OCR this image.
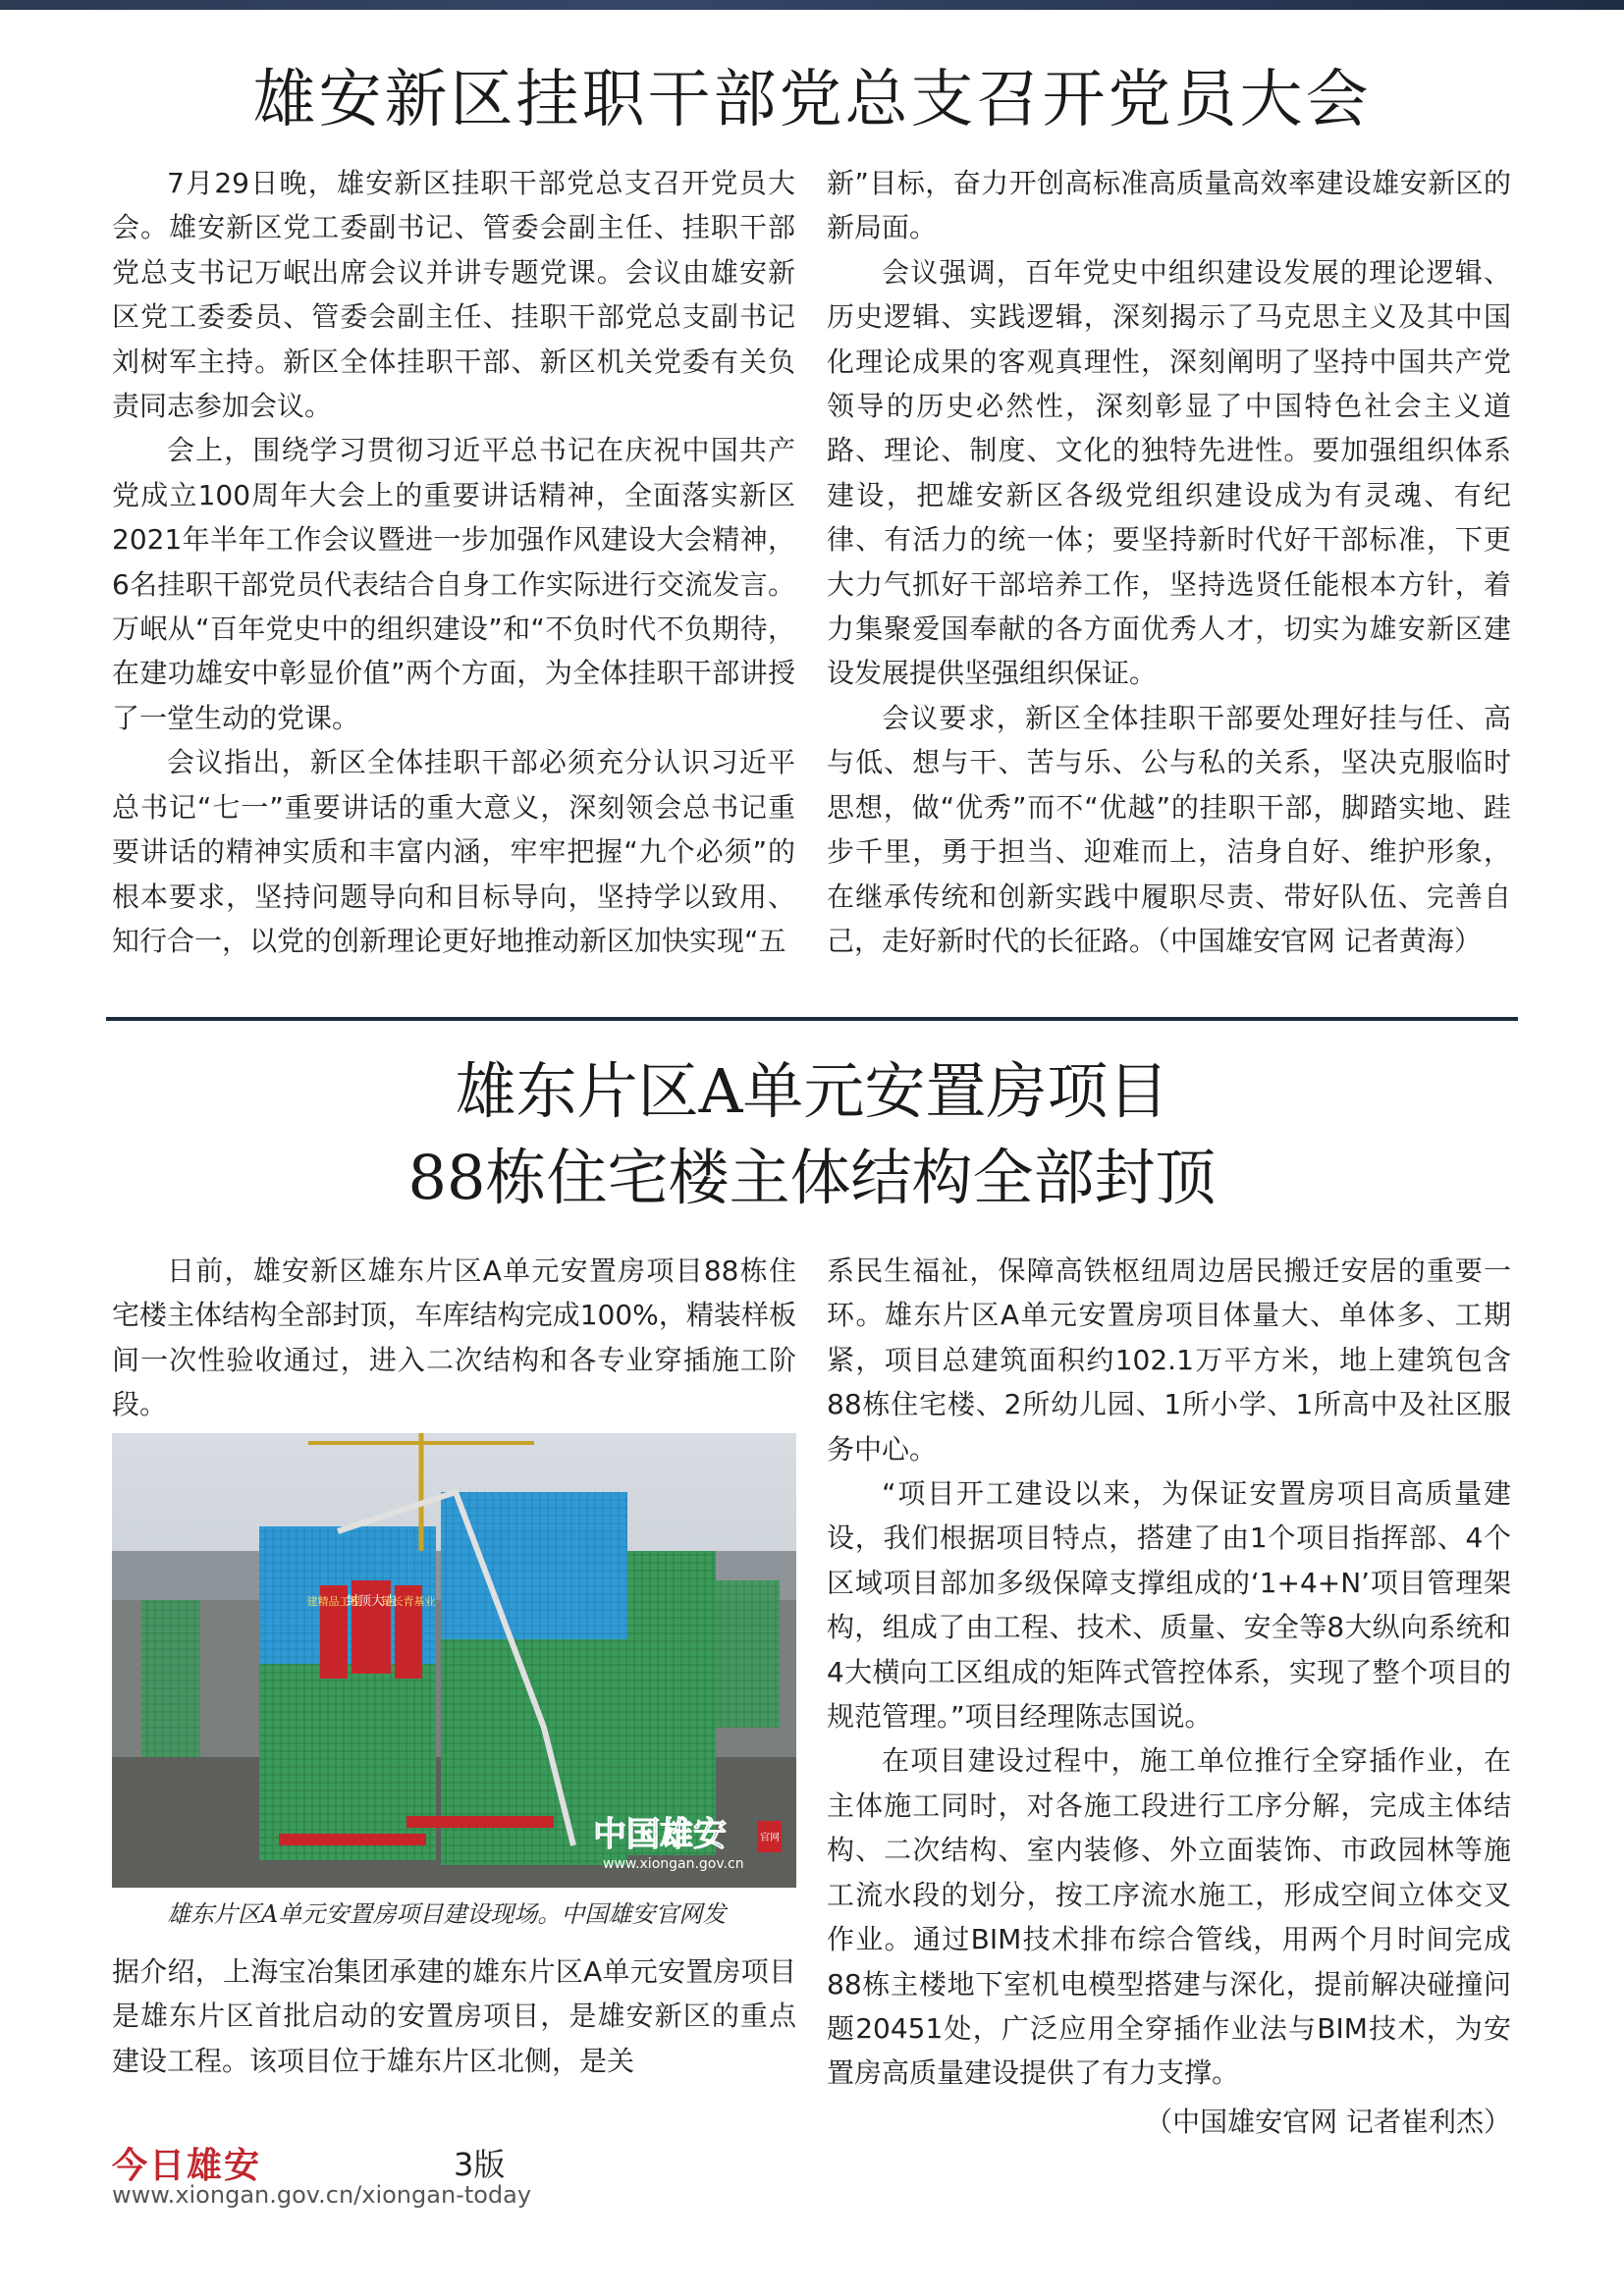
雄安新区挂职干部党总支召开党员大会

7月29日晚，雄安新区挂职干部党总支召开党员大会。雄安新区党工委副书记、管委会副主任、挂职干部党总支书记万岷出席会议并讲专题党课。会议由雄安新区党工委委员、管委会副主任、挂职干部党总支副书记刘树军主持。新区全体挂职干部、新区机关党委有关负责同志参加会议。

会上，围绕学习贯彻习近平总书记在庆祝中国共产党成立100周年大会上的重要讲话精神，全面落实新区2021年半年工作会议暨进一步加强作风建设大会精神，6名挂职干部党员代表结合自身工作实际进行交流发言。万岷从“百年党史中的组织建设”和“不负时代不负期待，在建功雄安中彰显价值”两个方面，为全体挂职干部讲授了一堂生动的党课。

会议指出，新区全体挂职干部必须充分认识习近平总书记“七一”重要讲话的重大意义，深刻领会总书记重要讲话的精神实质和丰富内涵，牢牢把握“九个必须”的根本要求，坚持问题导向和目标导向，坚持学以致用、知行合一，以党的创新理论更好地推动新区加快实现“五

新”目标，奋力开创高标准高质量高效率建设雄安新区的新局面。

会议强调，百年党史中组织建设发展的理论逻辑、历史逻辑、实践逻辑，深刻揭示了马克思主义及其中国化理论成果的客观真理性，深刻阐明了坚持中国共产党领导的历史必然性，深刻彰显了中国特色社会主义道路、理论、制度、文化的独特先进性。要加强组织体系建设，把雄安新区各级党组织建设成为有灵魂、有纪律、有活力的统一体；要坚持新时代好干部标准，下更大力气抓好干部培养工作，坚持选贤任能根本方针，着力集聚爱国奉献的各方面优秀人才，切实为雄安新区建设发展提供坚强组织保证。

会议要求，新区全体挂职干部要处理好挂与任、高与低、想与干、苦与乐、公与私的关系，坚决克服临时思想，做“优秀”而不“优越”的挂职干部，脚踏实地、跬步千里，勇于担当、迎难而上，洁身自好、维护形象，在继承传统和创新实践中履职尽责、带好队伍、完善自己，走好新时代的长征路。（中国雄安官网 记者黄海）

雄东片区A单元安置房项目
88栋住宅楼主体结构全部封顶

日前，雄安新区雄东片区A单元安置房项目88栋住宅楼主体结构全部封顶，车库结构完成100%，精装样板间一次性验收通过，进入二次结构和各专业穿插施工阶段。

封顶大吉
建精品工程 铸长青基业
中国雄安	官网
www.xiongan.gov.cn
雄东片区A单元安置房项目建设现场。中国雄安官网发

据介绍，上海宝冶集团承建的雄东片区A单元安置房项目是雄东片区首批启动的安置房项目，是雄安新区的重点建设工程。该项目位于雄东片区北侧，是关

系民生福祉，保障高铁枢纽周边居民搬迁安居的重要一环。雄东片区A单元安置房项目体量大、单体多、工期紧，项目总建筑面积约102.1万平方米，地上建筑包含88栋住宅楼、2所幼儿园、1所小学、1所高中及社区服务中心。

“项目开工建设以来，为保证安置房项目高质量建设，我们根据项目特点，搭建了由1个项目指挥部、4个区域项目部加多级保障支撑组成的‘1+4+N’项目管理架构，组成了由工程、技术、质量、安全等8大纵向系统和4大横向工区组成的矩阵式管控体系，实现了整个项目的规范管理。”项目经理陈志国说。

在项目建设过程中，施工单位推行全穿插作业，在主体施工同时，对各施工段进行工序分解，完成主体结构、二次结构、室内装修、外立面装饰、市政园林等施工流水段的划分，按工序流水施工，形成空间立体交叉作业。通过BIM技术排布综合管线，用两个月时间完成88栋主楼地下室机电模型搭建与深化，提前解决碰撞问题20451处，广泛应用全穿插作业法与BIM技术，为安置房高质量建设提供了有力支撑。

（中国雄安官网 记者崔利杰）

今日雄安	3版
www.xiongan.gov.cn/xiongan-today
